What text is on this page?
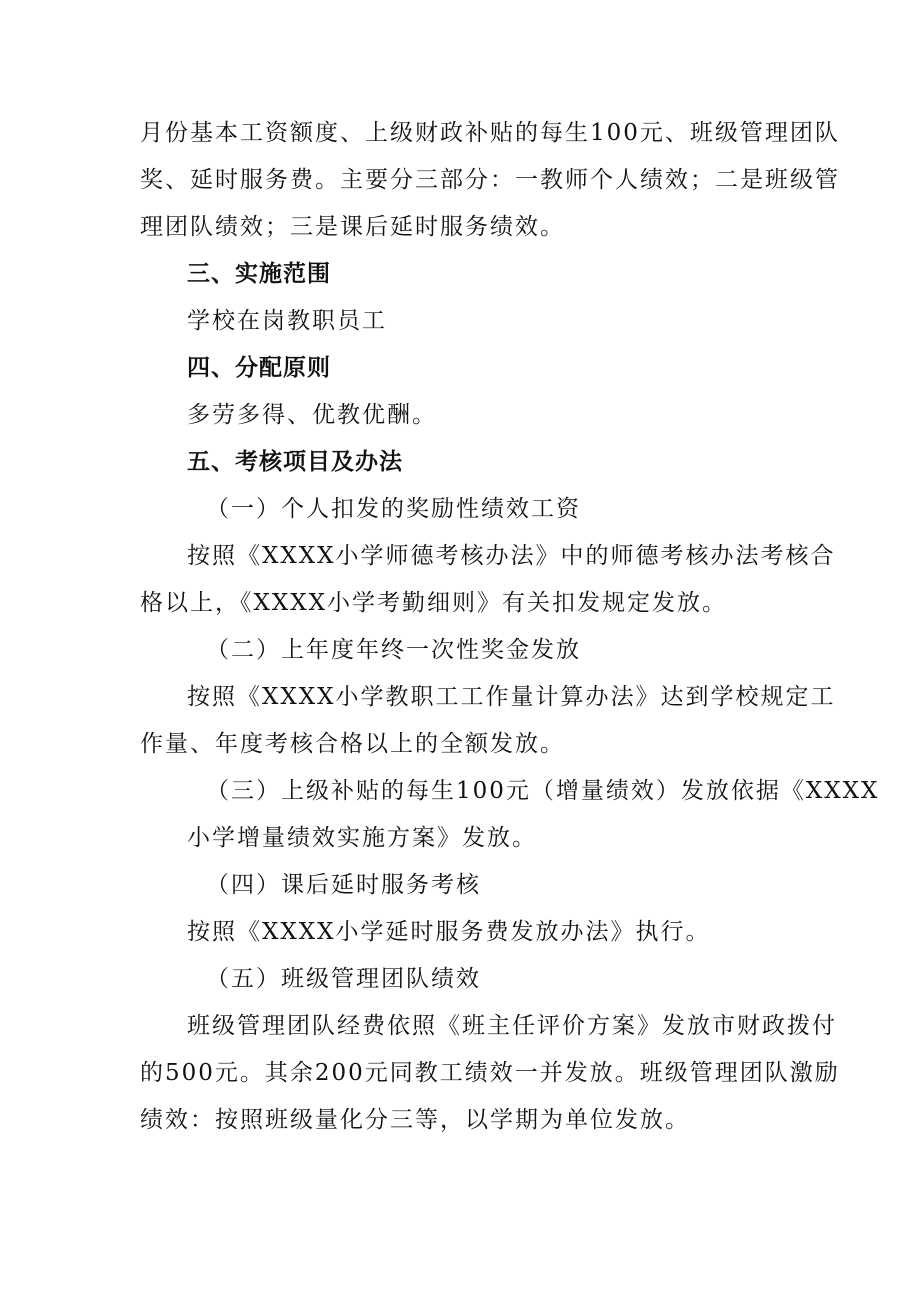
月份基本工资额度、上级财政补贴的每生100元、班级管理团队
奖、延时服务费。主要分三部分：一教师个人绩效；二是班级管
理团队绩效；三是课后延时服务绩效。
三、实施范围
学校在岗教职员工
四、分配原则
多劳多得、优教优酬。
五、考核项目及办法
（一）个人扣发的奖励性绩效工资
按照《XXXX小学师德考核办法》中的师德考核办法考核合
格以上，《XXXX小学考勤细则》有关扣发规定发放。
（二）上年度年终一次性奖金发放
按照《XXXX小学教职工工作量计算办法》达到学校规定工
作量、年度考核合格以上的全额发放。
（三）上级补贴的每生100元（增量绩效）发放依据《XXXX
小学增量绩效实施方案》发放。
（四）课后延时服务考核
按照《XXXX小学延时服务费发放办法》执行。
（五）班级管理团队绩效
班级管理团队经费依照《班主任评价方案》发放市财政拨付
的500元。其余200元同教工绩效一并发放。班级管理团队激励
绩效：按照班级量化分三等，以学期为单位发放。
